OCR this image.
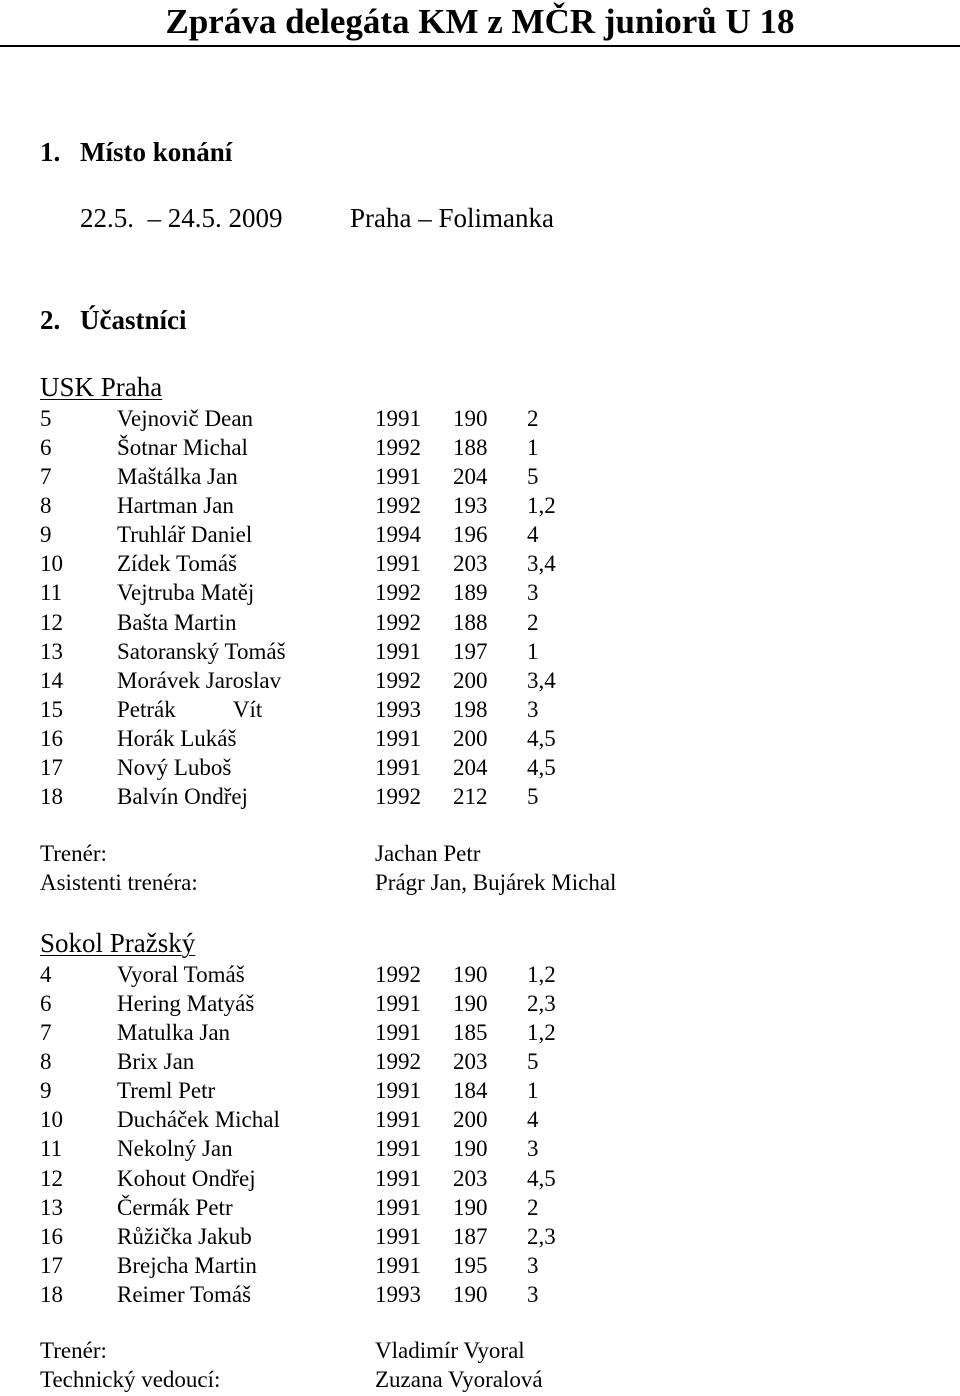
Zpráva delegáta KM z MČR juniorů U 18
1. Místo konání
22.5.  – 24.5. 2009	Praha – Folimanka
2. Účastníci
USK Praha
5	Vejnovič Dean	1991 190 2
6	Šotnar Michal	1992 188 1
7	Maštálka Jan	1991 204 5
8	Hartman Jan	1992 193 1,2
9	Truhlář Daniel	1994 196 4
10 Zídek Tomáš	1991 203 3,4
11 Vejtruba Matěj	1992 189 3
12 Bašta Martin	1992 188 2
13 Satoranský Tomáš	1991 197 1
14 Morávek Jaroslav	1992 200 3,4
15 Petrák          Vít	1993 198 3
16 Horák Lukáš	1991 200 4,5
17 Nový Luboš	1991 204 4,5
18 Balvín Ondřej	1992 212 5
Trenér:	Jachan Petr
Asistenti trenéra:	Prágr Jan, Bujárek Michal
Sokol Pražský
4	Vyoral Tomáš	1992 190 1,2
6	Hering Matyáš	1991 190 2,3
7	Matulka Jan	1991 185 1,2
8	Brix Jan	1992 203 5
9	Treml Petr	1991 184 1
10 Ducháček Michal	1991 200 4
11 Nekolný Jan	1991 190 3
12 Kohout Ondřej	1991 203 4,5
13 Čermák Petr	1991 190 2
16 Růžička Jakub	1991 187 2,3
17 Brejcha Martin	1991 195 3
18 Reimer Tomáš	1993 190 3
Trenér:	Vladimír Vyoral
Technický vedoucí:	Zuzana Vyoralová
